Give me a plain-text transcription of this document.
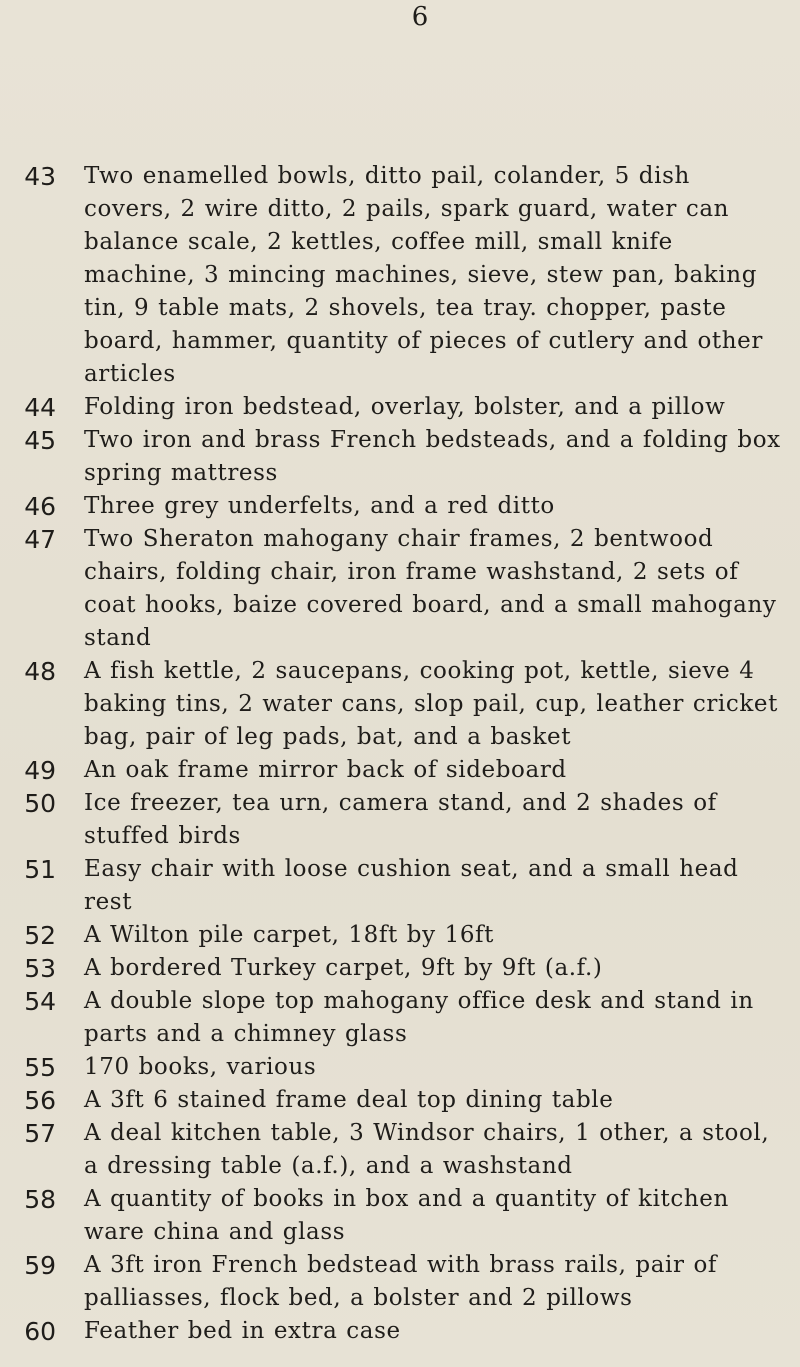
6
43	Two enamelled bowls, ditto pail, colander, 5 dish covers, 2 wire ditto, 2 pails, spark guard, water can balance scale, 2 kettles, coffee mill, small knife machine, 3 mincing machines, sieve, stew pan, baking tin, 9 table mats, 2 shovels, tea tray. chopper, paste board, hammer, quantity of pieces of cutlery and other articles
44	Folding iron bedstead, overlay, bolster, and a pillow
45	Two iron and brass French bedsteads, and a folding box spring mattress
46	Three grey underfelts, and a red ditto
47	Two Sheraton mahogany chair frames, 2 bentwood chairs, folding chair, iron frame washstand, 2 sets of coat hooks, baize covered board, and a small mahogany stand
48	A fish kettle, 2 saucepans, cooking pot, kettle, sieve 4 baking tins, 2 water cans, slop pail, cup, leather cricket bag, pair of leg pads, bat, and a basket
49	An oak frame mirror back of sideboard
50	Ice freezer, tea urn, camera stand, and 2 shades of stuffed birds
51	Easy chair with loose cushion seat, and a small head rest
52	A Wilton pile carpet, 18ft by 16ft
53	A bordered Turkey carpet, 9ft by 9ft (a.f.)
54	A double slope top mahogany office desk and stand in parts and a chimney glass
55	170 books, various
56	A 3ft 6 stained frame deal top dining table
57	A deal kitchen table, 3 Windsor chairs, 1 other, a stool, a dressing table (a.f.), and a washstand
58	A quantity of books in box and a quantity of kitchen ware china and glass
59	A 3ft iron French bedstead with brass rails, pair of palliasses, flock bed, a bolster and 2 pillows
60	Feather bed in extra case
